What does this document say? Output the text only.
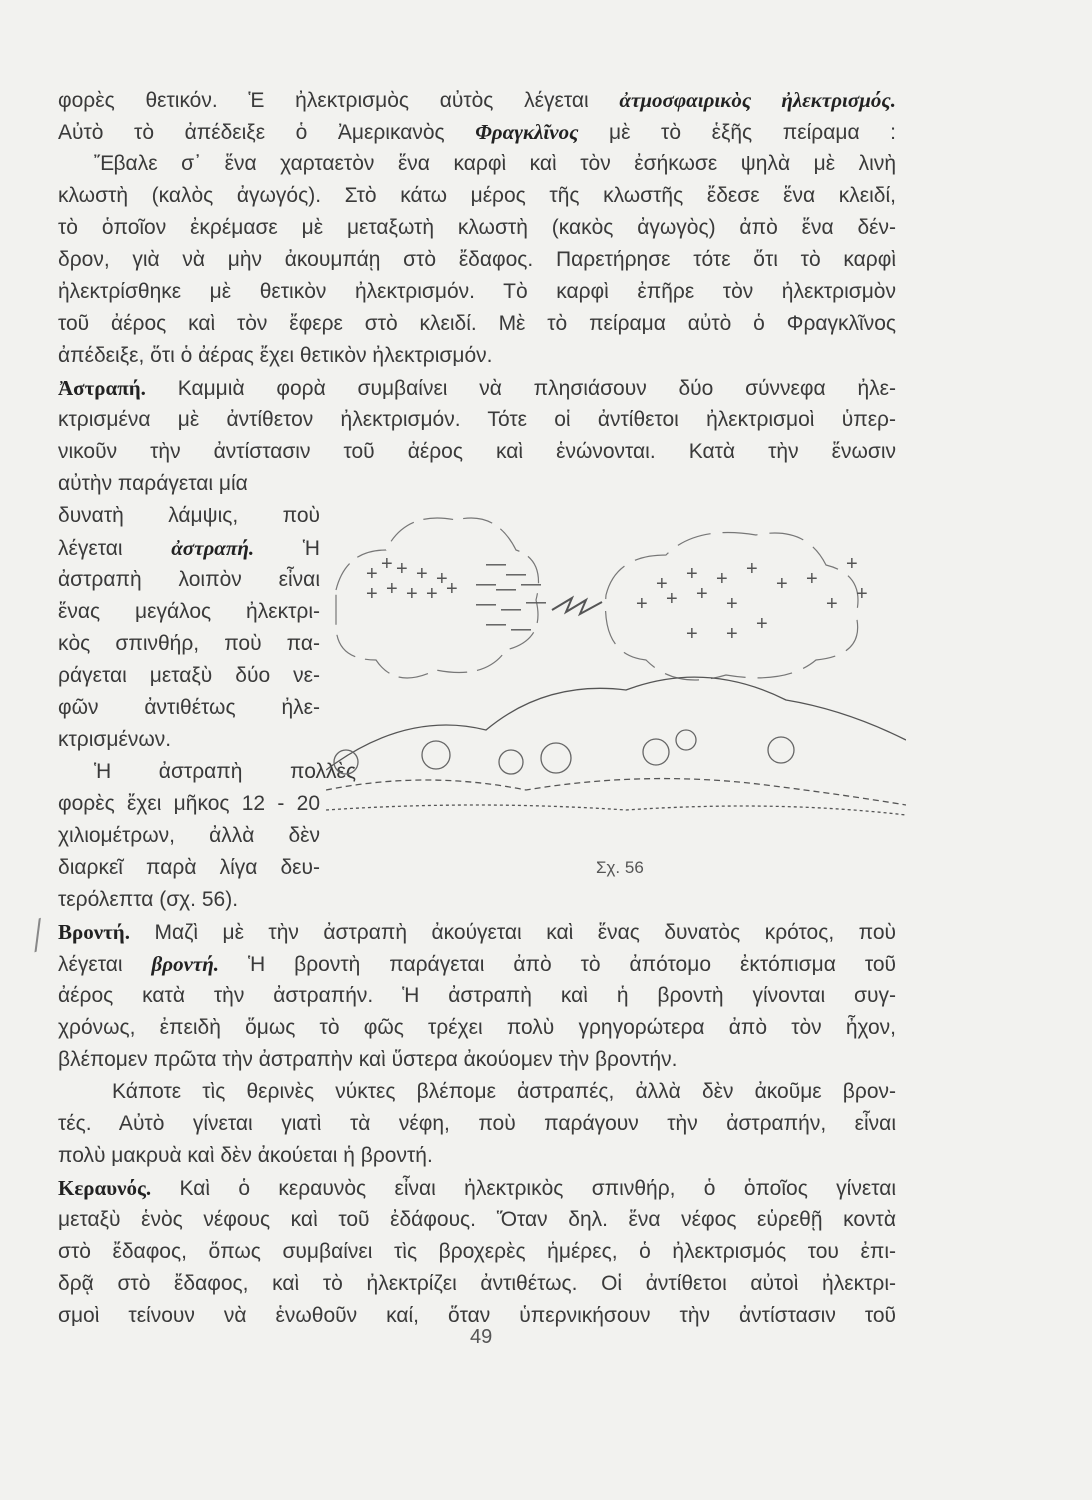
φορὲς θετικόν. Ἑ ἠλεκτρισμὸς αὐτὸς λέγεται ἀτμοσφαιρικὸς ἠλεκτρισμός.
Αὐτὸ τὸ ἀπέδειξε ὁ Ἀμερικανὸς Φραγκλῖνος μὲ τὸ ἑξῆς πείραμα :
Ἔβαλε σ᾿ ἕνα χαρταετὸν ἕνα καρφὶ καὶ τὸν ἐσήκωσε ψηλὰ μὲ λινὴ
κλωστὴ (καλὸς ἀγωγός). Στὸ κάτω μέρος τῆς κλωστῆς ἔδεσε ἕνα κλειδί,
τὸ ὁποῖον ἐκρέμασε μὲ μεταξωτὴ κλωστὴ (κακὸς ἀγωγὸς) ἀπὸ ἕνα δέν-
δρον, γιὰ νὰ μὴν ἀκουμπάῃ στὸ ἔδαφος. Παρετήρησε τότε ὅτι τὸ καρφὶ
ἠλεκτρίσθηκε μὲ θετικὸν ἠλεκτρισμόν. Τὸ καρφὶ ἐπῆρε τὸν ἠλεκτρισμὸν
τοῦ ἀέρος καὶ τὸν ἔφερε στὸ κλειδί. Μὲ τὸ πείραμα αὐτὸ ὁ Φραγκλῖνος
ἀπέδειξε, ὅτι ὁ ἀέρας ἔχει θετικὸν ἠλεκτρισμόν.
Ἀστραπή. Καμμιὰ φορὰ συμβαίνει νὰ πλησιάσουν δύο σύννεφα ἠλε-
κτρισμένα μὲ ἀντίθετον ἠλεκτρισμόν. Τότε οἱ ἀντίθετοι ἠλεκτρισμοὶ ὑπερ-
νικοῦν τὴν ἀντίστασιν τοῦ ἀέρος καὶ ἑνώνονται. Κατὰ τὴν ἕνωσιν
αὐτὴν παράγεται μία
δυνατὴ λάμψις, ποὺ
λέγεται ἀστραπή. Ἡ
ἀστραπὴ λοιπὸν εἶναι
ἕνας μεγάλος ἠλεκτρι-
κὸς σπινθήρ, ποὺ πα-
ράγεται μεταξὺ δύο νε-
φῶν ἀντιθέτως ἠλε-
κτρισμένων.
Ἡ ἀστραπὴ πολλὲς
φορὲς ἔχει μῆκος 12 - 20
χιλιομέτρων, ἀλλὰ δὲν
διαρκεῖ παρὰ λίγα δευ-
τερόλεπτα (σχ. 56).
Βροντή. Μαζὶ μὲ τὴν ἀστραπὴ ἀκούγεται καὶ ἕνας δυνατὸς κρότος, ποὺ
λέγεται βροντή. Ἡ βροντὴ παράγεται ἀπὸ τὸ ἀπότομο ἐκτόπισμα τοῦ
ἀέρος κατὰ τὴν ἀστραπήν. Ἡ ἀστραπὴ καὶ ἡ βροντὴ γίνονται συγ-
χρόνως, ἐπειδὴ ὅμως τὸ φῶς τρέχει πολὺ γρηγορώτερα ἀπὸ τὸν ἦχον,
βλέπομεν πρῶτα τὴν ἀστραπὴν καὶ ὕστερα ἀκούομεν τὴν βροντήν.
Κάποτε τὶς θερινὲς νύκτες βλέπομε ἀστραπές, ἀλλὰ δὲν ἀκοῦμε βρον-
τές. Αὐτὸ γίνεται γιατὶ τὰ νέφη, ποὺ παράγουν τὴν ἀστραπήν, εἶναι
πολὺ μακρυὰ καὶ δὲν ἀκούεται ἡ βροντή.
Κεραυνός. Καὶ ὁ κεραυνὸς εἶναι ἠλεκτρικὸς σπινθήρ, ὁ ὁποῖος γίνεται
μεταξὺ ἑνὸς νέφους καὶ τοῦ ἐδάφους. Ὅταν δηλ. ἕνα νέφος εὑρεθῇ κοντὰ
στὸ ἔδαφος, ὅπως συμβαίνει τὶς βροχερὲς ἡμέρες, ὁ ἠλεκτρισμός του ἐπι-
δρᾷ στὸ ἔδαφος, καὶ τὸ ἠλεκτρίζει ἀντιθέτως. Οἱ ἀντίθετοι αὐτοὶ ἠλεκτρι-
σμοὶ τείνουν νὰ ἑνωθοῦν καί, ὅταν ὑπερνικήσουν τὴν ἀντίστασιν τοῦ
+ + + + +
+ + + + +	+ + + +
+ +
+ + + +	+ +
+ + +
+
— —
— — —
— — —
— —
Σχ. 56
49
╱
